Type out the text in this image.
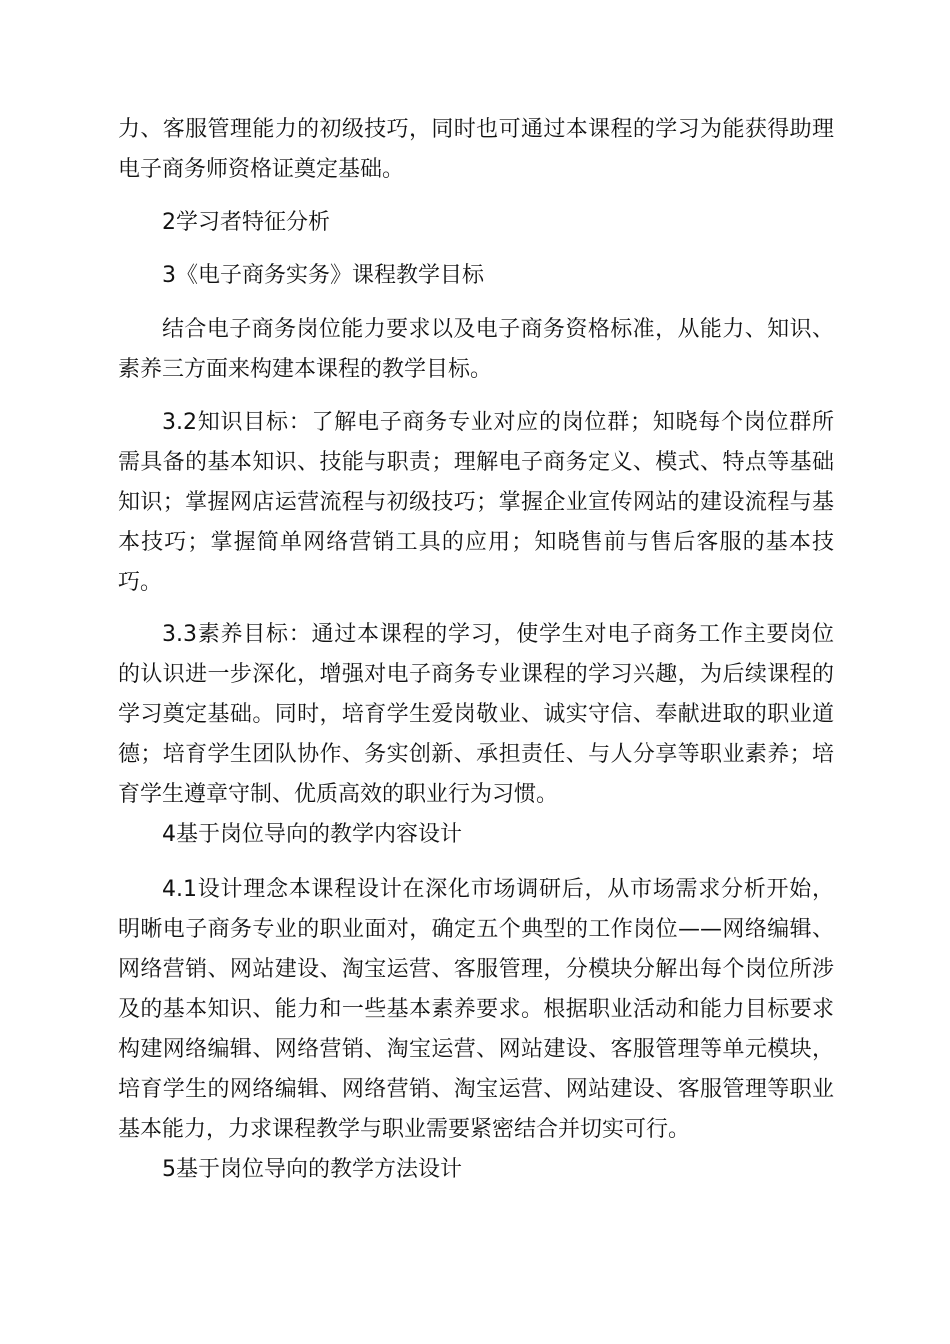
力、客服管理能力的初级技巧，同时也可通过本课程的学习为能获得助理电子商务师资格证奠定基础。

2学习者特征分析

3《电子商务实务》课程教学目标

结合电子商务岗位能力要求以及电子商务资格标准，从能力、知识、素养三方面来构建本课程的教学目标。

3.2知识目标：了解电子商务专业对应的岗位群；知晓每个岗位群所需具备的基本知识、技能与职责；理解电子商务定义、模式、特点等基础知识；掌握网店运营流程与初级技巧；掌握企业宣传网站的建设流程与基本技巧；掌握简单网络营销工具的应用；知晓售前与售后客服的基本技巧。

3.3素养目标：通过本课程的学习，使学生对电子商务工作主要岗位的认识进一步深化，增强对电子商务专业课程的学习兴趣，为后续课程的学习奠定基础。同时，培育学生爱岗敬业、诚实守信、奉献进取的职业道德；培育学生团队协作、务实创新、承担责任、与人分享等职业素养；培育学生遵章守制、优质高效的职业行为习惯。

4基于岗位导向的教学内容设计

4.1设计理念本课程设计在深化市场调研后，从市场需求分析开始，明晰电子商务专业的职业面对，确定五个典型的工作岗位——网络编辑、网络营销、网站建设、淘宝运营、客服管理，分模块分解出每个岗位所涉及的基本知识、能力和一些基本素养要求。根据职业活动和能力目标要求构建网络编辑、网络营销、淘宝运营、网站建设、客服管理等单元模块，培育学生的网络编辑、网络营销、淘宝运营、网站建设、客服管理等职业基本能力，力求课程教学与职业需要紧密结合并切实可行。

5基于岗位导向的教学方法设计
